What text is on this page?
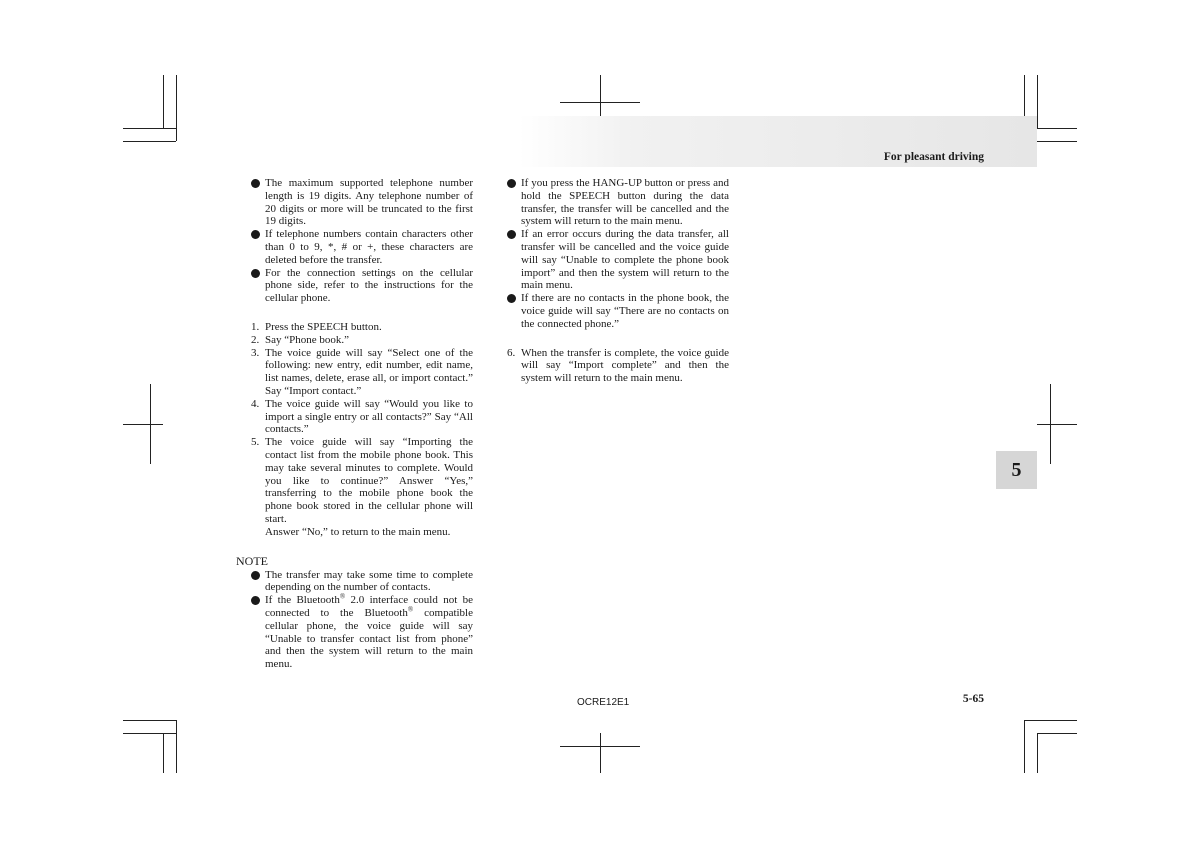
For pleasant driving
5
The maximum supported telephone number length is 19 digits. Any telephone number of 20 digits or more will be truncated to the first 19 digits.
If telephone numbers contain characters other than 0 to 9, *, # or +, these characters are deleted before the transfer.
For the connection settings on the cellular phone side, refer to the instructions for the cellular phone.
1. Press the SPEECH button.
2. Say “Phone book.”
3. The voice guide will say “Select one of the following: new entry, edit number, edit name, list names, delete, erase all, or import contact.” Say “Import contact.”
4. The voice guide will say “Would you like to import a single entry or all contacts?” Say “All contacts.”
5. The voice guide will say “Importing the contact list from the mobile phone book. This may take several minutes to complete. Would you like to continue?” Answer “Yes,” transferring to the mobile phone book the phone book stored in the cellular phone will start.
Answer “No,” to return to the main menu.
NOTE
The transfer may take some time to complete depending on the number of contacts.
If the Bluetooth® 2.0 interface could not be connected to the Bluetooth® compatible cellular phone, the voice guide will say “Unable to transfer contact list from phone” and then the system will return to the main menu.
If you press the HANG-UP button or press and hold the SPEECH button during the data transfer, the transfer will be cancelled and the system will return to the main menu.
If an error occurs during the data transfer, all transfer will be cancelled and the voice guide will say “Unable to complete the phone book import” and then the system will return to the main menu.
If there are no contacts in the phone book, the voice guide will say “There are no contacts on the connected phone.”
6. When the transfer is complete, the voice guide will say “Import complete” and then the system will return to the main menu.
OCRE12E1	5-65
